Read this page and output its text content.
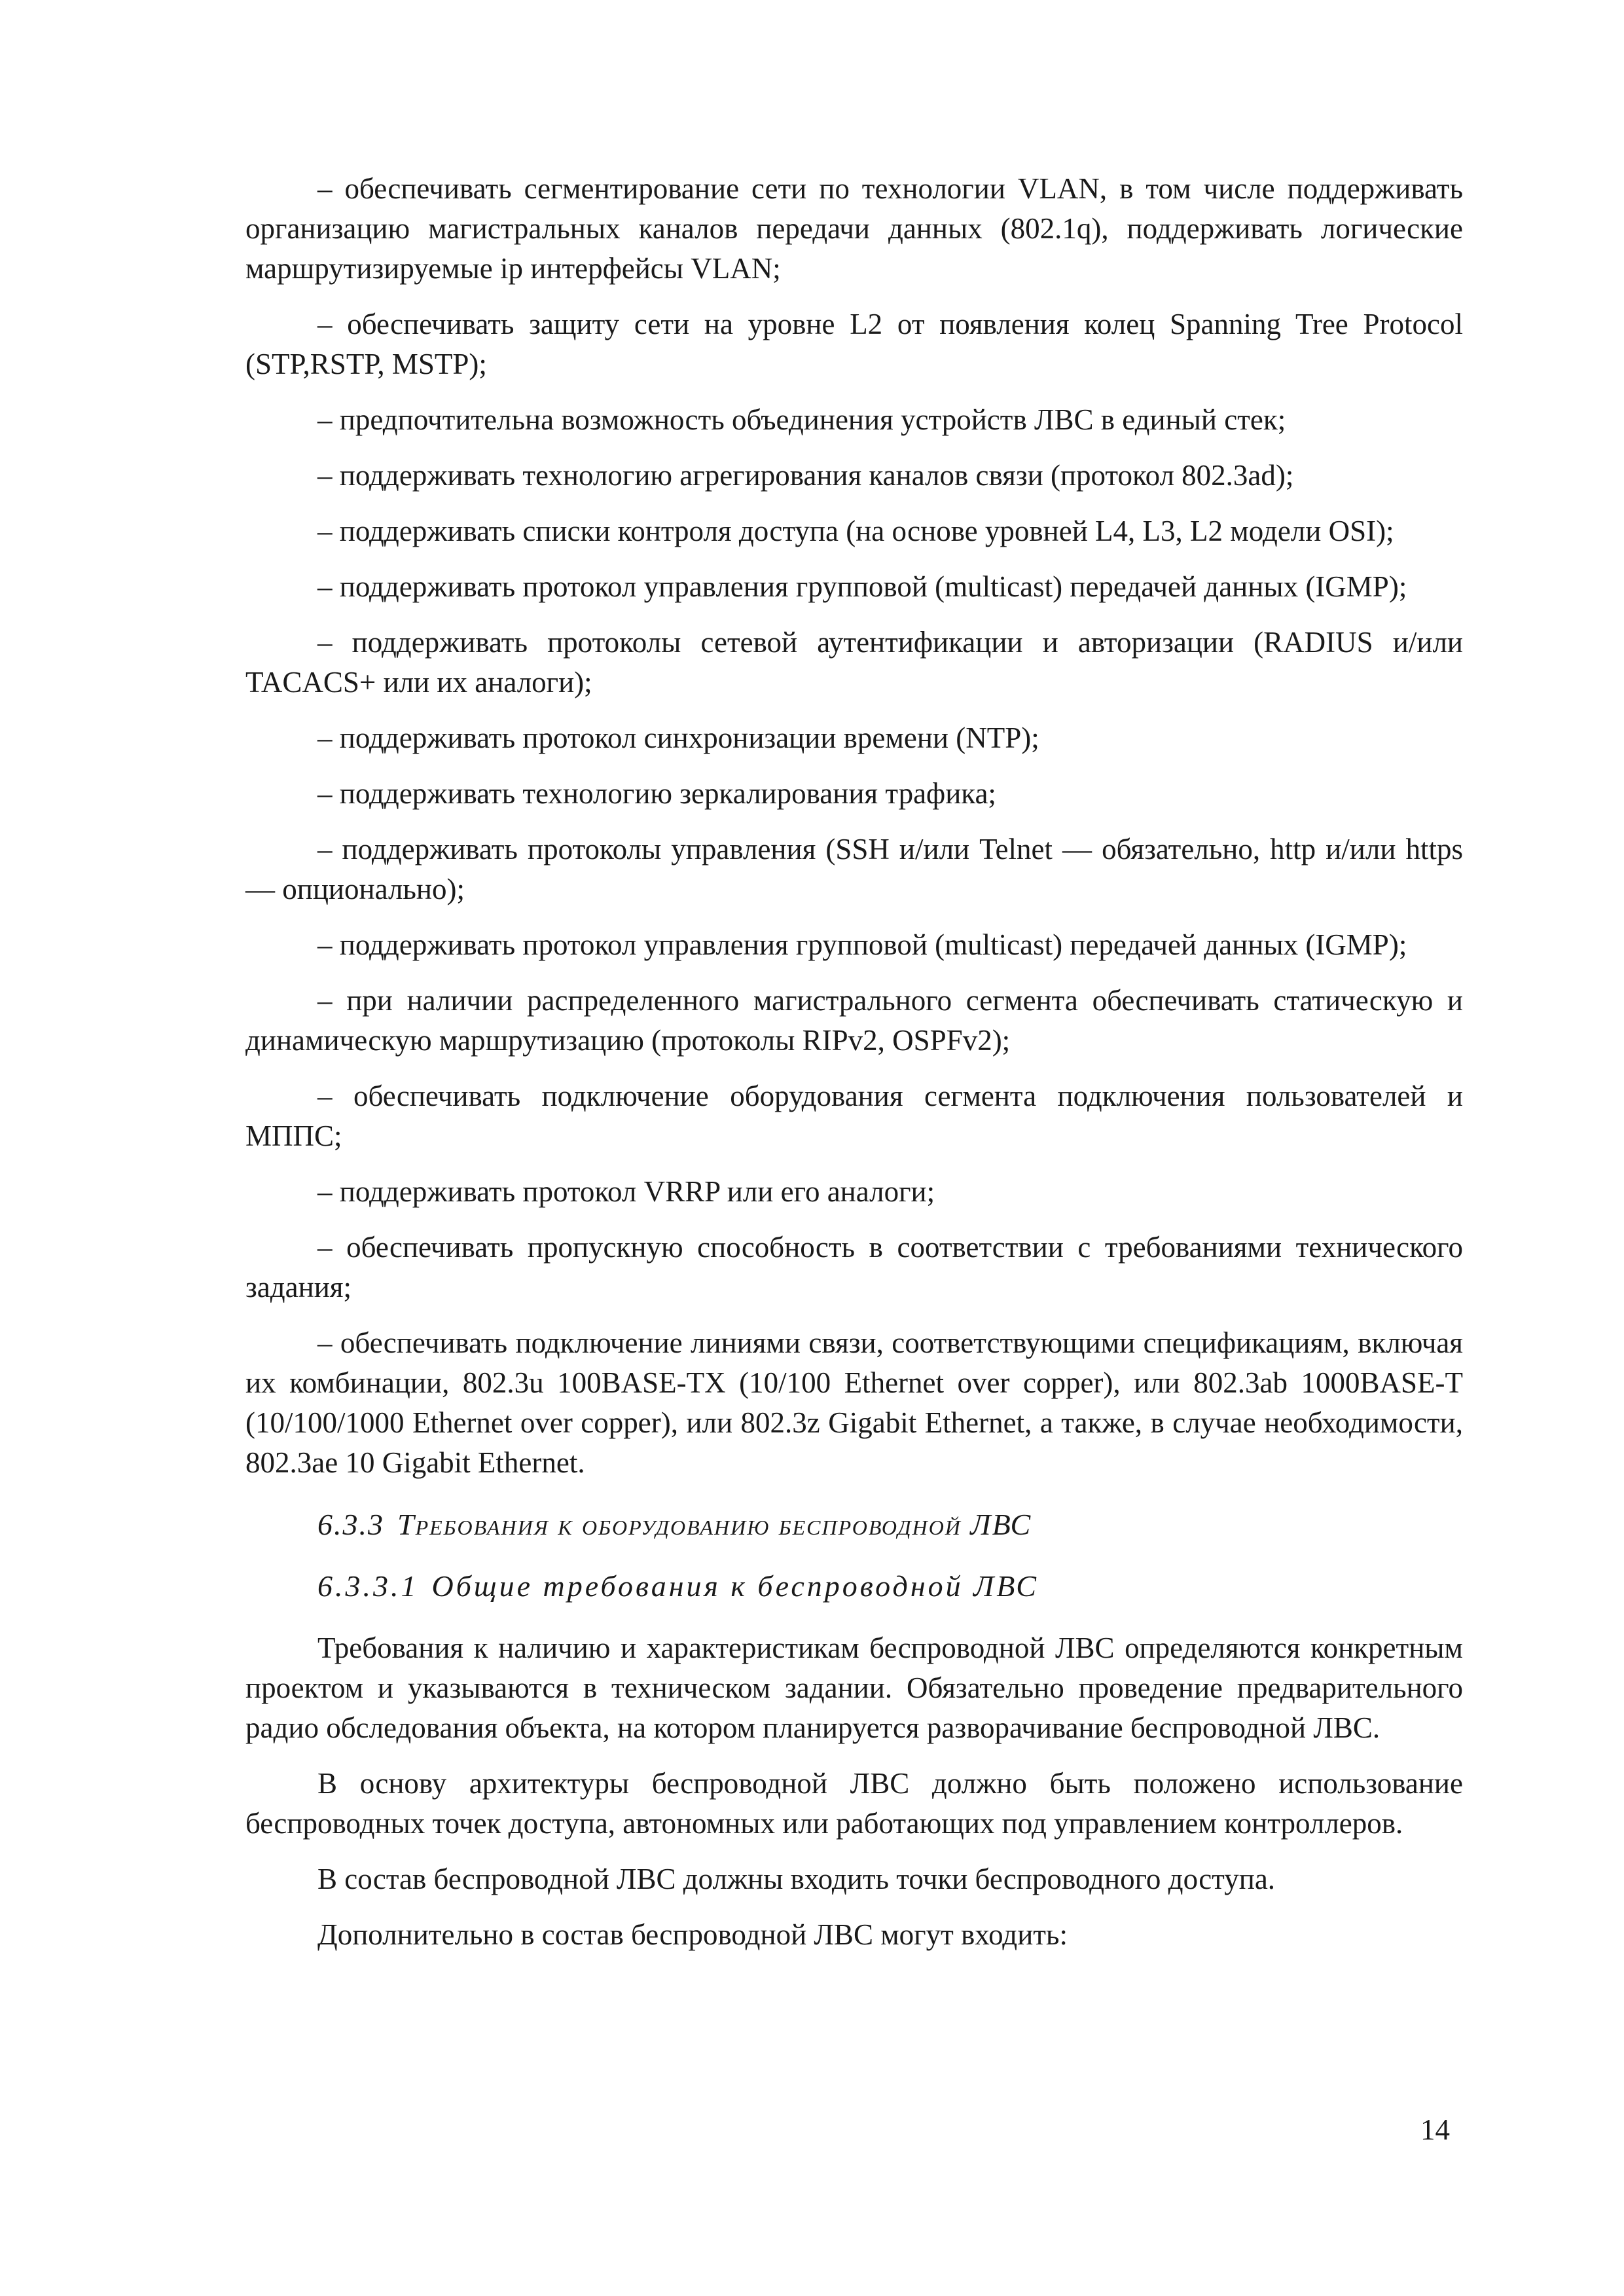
– обеспечивать сегментирование сети по технологии VLAN, в том числе поддерживать организацию магистральных каналов передачи данных (802.1q), поддерживать логические маршрутизируемые ip интерфейсы VLAN;

– обеспечивать защиту сети на уровне L2 от появления колец Spanning Tree Protocol (STP,RSTP, MSTP);

– предпочтительна возможность объединения устройств ЛВС в единый стек;

– поддерживать технологию агрегирования каналов связи (протокол 802.3ad);

– поддерживать списки контроля доступа (на основе уровней L4, L3, L2 модели OSI);

– поддерживать протокол управления групповой (multicast) передачей данных (IGMP);

– поддерживать протоколы сетевой аутентификации и авторизации (RADIUS и/или TACACS+ или их аналоги);

– поддерживать протокол синхронизации времени (NTP);

– поддерживать технологию зеркалирования трафика;

– поддерживать протоколы управления (SSH и/или Telnet — обязательно, http и/или https — опционально);

– поддерживать протокол управления групповой (multicast) передачей данных (IGMP);

– при наличии распределенного магистрального сегмента обеспечивать статическую и динамическую маршрутизацию (протоколы RIPv2, OSPFv2);

– обеспечивать подключение оборудования сегмента подключения пользователей и МППС;

– поддерживать протокол VRRP или его аналоги;

– обеспечивать пропускную способность в соответствии с требованиями технического задания;

– обеспечивать подключение линиями связи, соответствующими спецификациям, включая их комбинации, 802.3u 100BASE-TX (10/100 Ethernet over copper), или 802.3ab 1000BASE-T (10/100/1000 Ethernet over copper), или 802.3z Gigabit Ethernet, а также, в случае необходимости, 802.3ae 10 Gigabit Ethernet.

6.3.3 Требования к оборудованию беспроводной ЛВС
6.3.3.1 Общие требования к беспроводной ЛВС

Требования к наличию и характеристикам беспроводной ЛВС определяются конкретным проектом и указываются в техническом задании. Обязательно проведение предварительного радио обследования объекта, на котором планируется разворачивание беспроводной ЛВС.

В основу архитектуры беспроводной ЛВС должно быть положено использование беспроводных точек доступа, автономных или работающих под управлением контроллеров.

В состав беспроводной ЛВС должны входить точки беспроводного доступа.

Дополнительно в состав беспроводной ЛВС могут входить:

14
